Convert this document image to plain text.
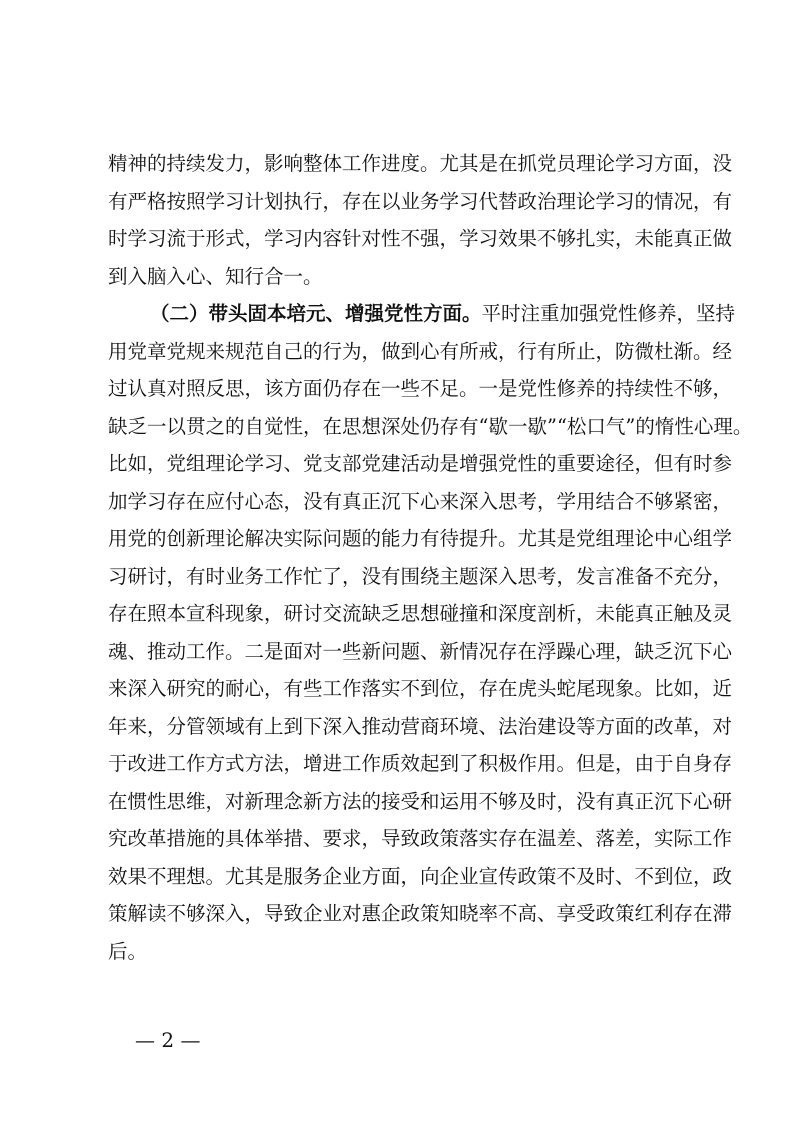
精神的持续发力，影响整体工作进度。尤其是在抓党员理论学习方面，没
有严格按照学习计划执行，存在以业务学习代替政治理论学习的情况，有
时学习流于形式，学习内容针对性不强，学习效果不够扎实，未能真正做
到入脑入心、知行合一。
（二）带头固本培元、增强党性方面。平时注重加强党性修养，坚持
用党章党规来规范自己的行为，做到心有所戒，行有所止，防微杜渐。经
过认真对照反思，该方面仍存在一些不足。一是党性修养的持续性不够，
缺乏一以贯之的自觉性，在思想深处仍存有“歇一歇”“松口气”的惰性心理。
比如，党组理论学习、党支部党建活动是增强党性的重要途径，但有时参
加学习存在应付心态，没有真正沉下心来深入思考，学用结合不够紧密，
用党的创新理论解决实际问题的能力有待提升。尤其是党组理论中心组学
习研讨，有时业务工作忙了，没有围绕主题深入思考，发言准备不充分，
存在照本宣科现象，研讨交流缺乏思想碰撞和深度剖析，未能真正触及灵
魂、推动工作。二是面对一些新问题、新情况存在浮躁心理，缺乏沉下心
来深入研究的耐心，有些工作落实不到位，存在虎头蛇尾现象。比如，近
年来，分管领域有上到下深入推动营商环境、法治建设等方面的改革，对
于改进工作方式方法，增进工作质效起到了积极作用。但是，由于自身存
在惯性思维，对新理念新方法的接受和运用不够及时，没有真正沉下心研
究改革措施的具体举措、要求，导致政策落实存在温差、落差，实际工作
效果不理想。尤其是服务企业方面，向企业宣传政策不及时、不到位，政
策解读不够深入，导致企业对惠企政策知晓率不高、享受政策红利存在滞
后。
— 2 —
